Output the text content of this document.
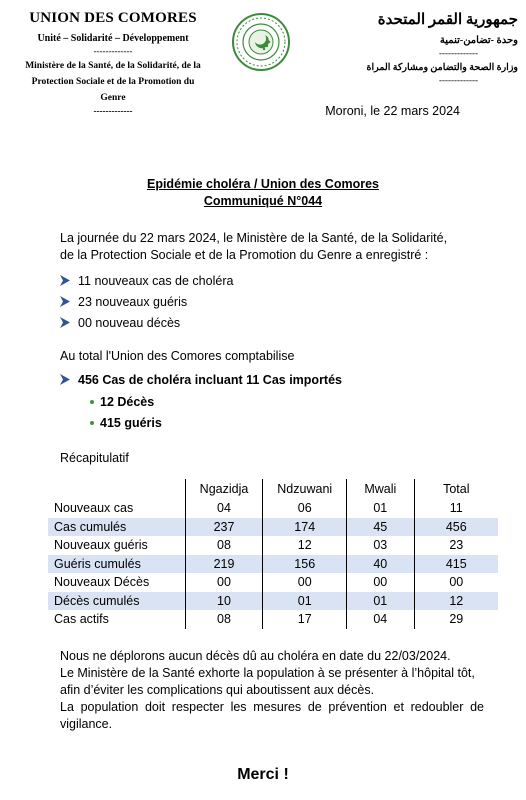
UNION DES COMORES
Unité – Solidarité – Développement
-------------
Ministère de la Santé, de la Solidarité, de la
Protection Sociale et de la Promotion du
Genre
-------------
جمهورية القمر المتحدة
وحدة -تضامن-تنمية
-------------
وزارة الصحة والتضامن ومشاركة المراة
-------------
Moroni, le 22 mars 2024
Epidémie choléra / Union des Comores
Communiqué N°044
La journée du 22 mars 2024, le Ministère de la Santé, de la Solidarité,
de la Protection Sociale et de la Promotion du Genre a enregistré :
11 nouveaux cas de choléra
23 nouveaux guéris
00 nouveau décès
Au total l'Union des Comores comptabilise
456 Cas de choléra incluant 11 Cas importés
12 Décès
415 guéris
Récapitulatif
	Ngazidja	Ndzuwani	Mwali	Total
Nouveaux cas	04	06	01	11
Cas cumulés	237	174	45	456
Nouveaux guéris	08	12	03	23
Guéris cumulés	219	156	40	415
Nouveaux Décès	00	00	00	00
Décès cumulés	10	01	01	12
Cas actifs	08	17	04	29
Nous ne déplorons aucun décès dû au choléra en date du 22/03/2024.
Le Ministère de la Santé exhorte la population à se présenter à l’hôpital tôt,
afin d’éviter les complications qui aboutissent aux décès.
La population doit respecter les mesures de prévention et redoubler de
vigilance.
Merci !
